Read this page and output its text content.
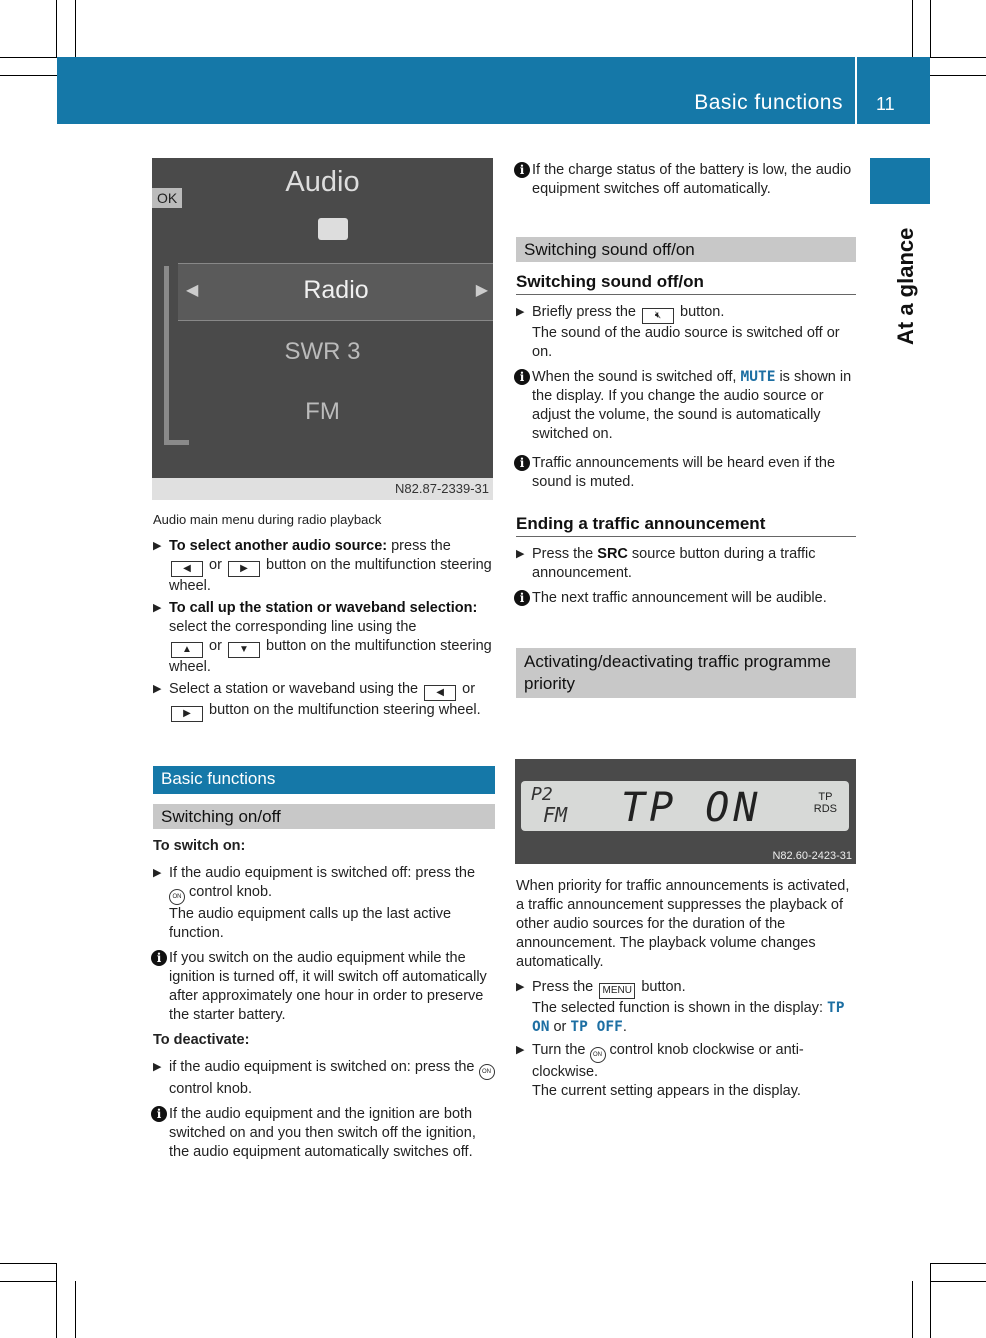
Basic functions 11
At a glance
Audio
OK
◀	Radio	▶
SWR 3
FM
N82.87-2339-31

Audio main menu during radio playback

▶ To select another audio source: press the
◀ or ▶ button on the multifunction steering wheel.
▶ To call up the station or waveband selection: select the corresponding line using the
▲ or ▼ button on the multifunction steering wheel.
▶ Select a station or waveband using the ◀ or ▶ button on the multifunction steering wheel.
Basic functions
Switching on/off

To switch on:

▶ If the audio equipment is switched off: press the ON control knob.
The audio equipment calls up the last active function.
i If you switch on the audio equipment while the ignition is turned off, it will switch off automatically after approximately one hour in order to preserve the starter battery.

To deactivate:

▶ if the audio equipment is switched on: press the ON control knob.
i If the audio equipment and the ignition are both switched on and you then switch off the ignition, the audio equipment automatically switches off.
i If the charge status of the battery is low, the audio equipment switches off automatically.
Switching sound off/on
Switching sound off/on
▶ Briefly press the 🔇︎ button.
The sound of the audio source is switched off or on.
i When the sound is switched off, MUTE is shown in the display. If you change the audio source or adjust the volume, the sound is automatically switched on.
i Traffic announcements will be heard even if the sound is muted.
Ending a traffic announcement
▶ Press the SRC source button during a traffic announcement.
i The next traffic announcement will be audible.
Activating/deactivating traffic programme priority
P2
FM TP ON	TP
RDS
N82.60-2423-31

When priority for traffic announcements is activated, a traffic announcement suppresses the playback of other audio sources for the duration of the announcement. The playback volume changes automatically.

▶ Press the MENU button.
The selected function is shown in the display: TP ON or TP OFF.
▶ Turn the ON control knob clockwise or anti-clockwise.
The current setting appears in the display.
